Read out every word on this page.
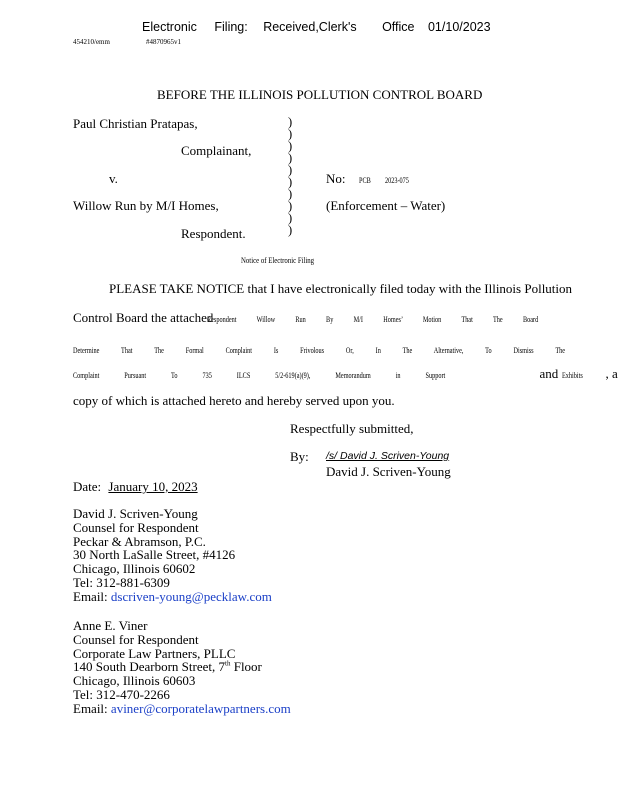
Electronic Filing: Received,Clerk's Office 01/10/2023
454210/emm	#4870965v1
BEFORE THE ILLINOIS POLLUTION CONTROL BOARD
Paul Christian Pratapas,
Complainant,
v.
Willow Run by M/I Homes,
Respondent.
)
)
)
)
)
)
)
)
)
)
No: PCB 2023-075
(Enforcement – Water)
Notice of Electronic Filing
PLEASE TAKE NOTICE that I have electronically filed today with the Illinois Pollution
Control Board the attachedRespondent Willow Run By M/I Homes’ Motion That The Board
Determine That The Formal Complaint Is Frivolous Or, In The Alternative, To Dismiss The
Complaint Pursuant To 735 ILCS 5/2-619(a)(9), Memorandum in Support	and Exhibits , a
copy of which is attached hereto and hereby served upon you.
Respectfully submitted,
By: /s/ David J. Scriven-Young
David J. Scriven-Young
Date: January 10, 2023
David J. Scriven-Young
Counsel for Respondent
Peckar & Abramson, P.C.
30 North LaSalle Street, #4126
Chicago, Illinois 60602
Tel: 312-881-6309
Email: dscriven-young@pecklaw.com
Anne E. Viner
Counsel for Respondent
Corporate Law Partners, PLLC
140 South Dearborn Street, 7th Floor
Chicago, Illinois 60603
Tel: 312-470-2266
Email: aviner@corporatelawpartners.com
